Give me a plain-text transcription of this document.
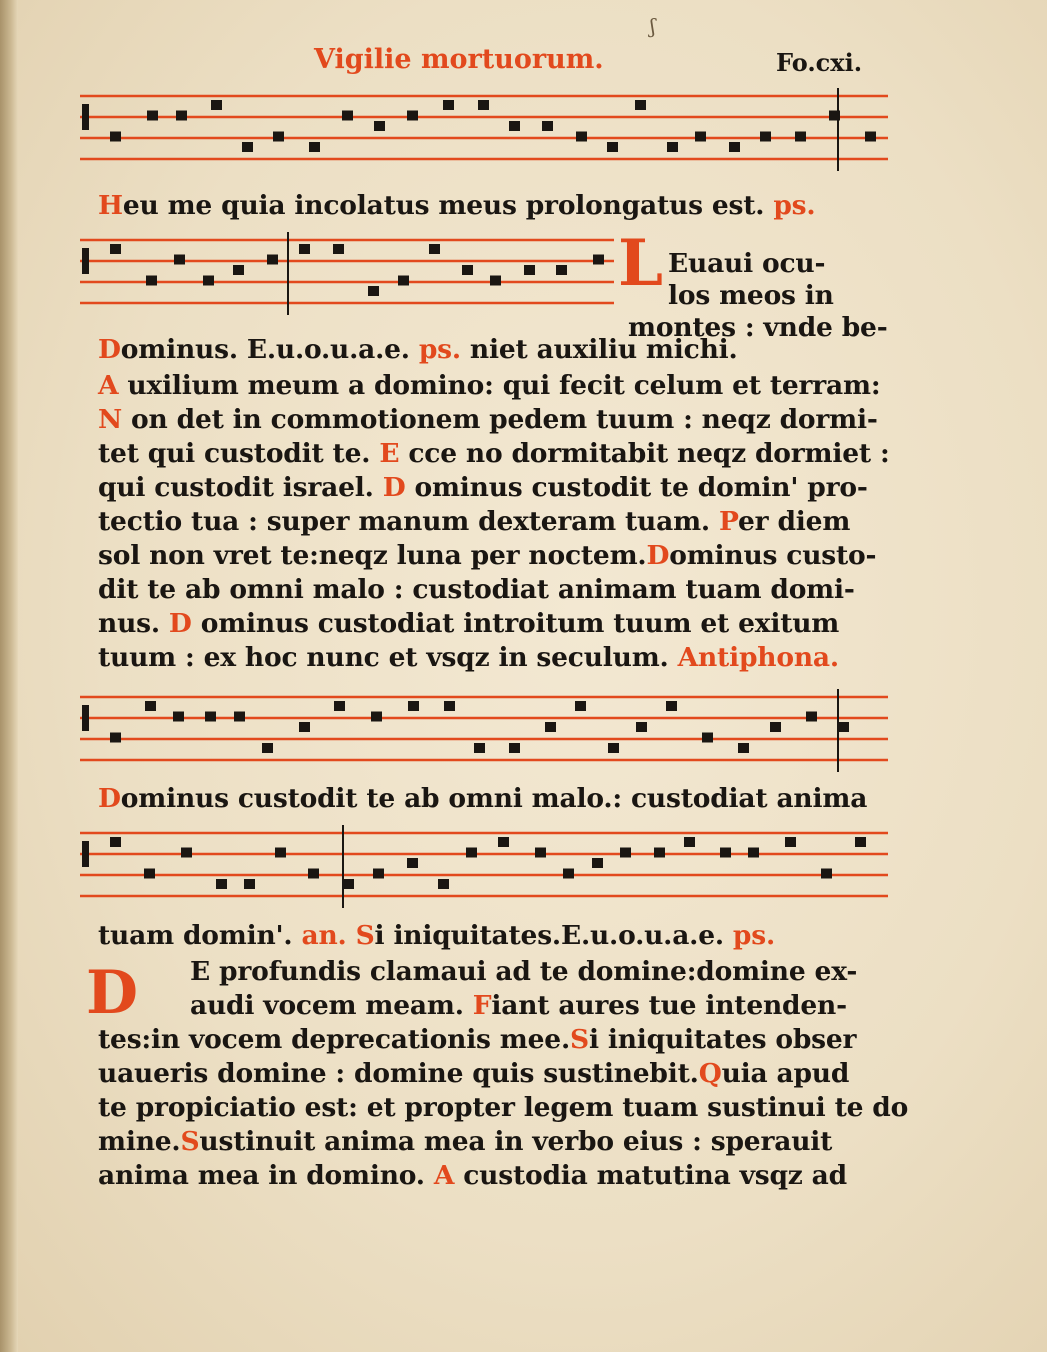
Vigilie mortuorum.	Fo.cxi.
L
D
Heu me quia incolatus meus prolongatus est. ps.
Euaui ocu-
los meos in
montes : vnde be-
Dominus. E.u.o.u.a.e. ps. niet auxiliu michi.
A uxilium meum a domino: qui fecit celum et terram:
N on det in commotionem pedem tuum : neqz dormi-
tet qui custodit te. E cce no dormitabit neqz dormiet :
qui custodit israel. D ominus custodit te domin' pro-
tectio tua : super manum dexteram tuam. Per diem
sol non vret te:neqz luna per noctem.Dominus custo-
dit te ab omni malo : custodiat animam tuam domi-
nus. D ominus custodiat introitum tuum et exitum
tuum : ex hoc nunc et vsqz in seculum. Antiphona.
Dominus custodit te ab omni malo.: custodiat anima
tuam domin'. an. Si iniquitates.E.u.o.u.a.e. ps.
E profundis clamaui ad te domine:domine ex-
audi vocem meam. Fiant aures tue intenden-
tes:in vocem deprecationis mee.Si iniquitates obser
uaueris domine : domine quis sustinebit.Quia apud
te propiciatio est: et propter legem tuam sustinui te do
mine.Sustinuit anima mea in verbo eius : sperauit
anima mea in domino. A custodia matutina vsqz ad
ʃ
